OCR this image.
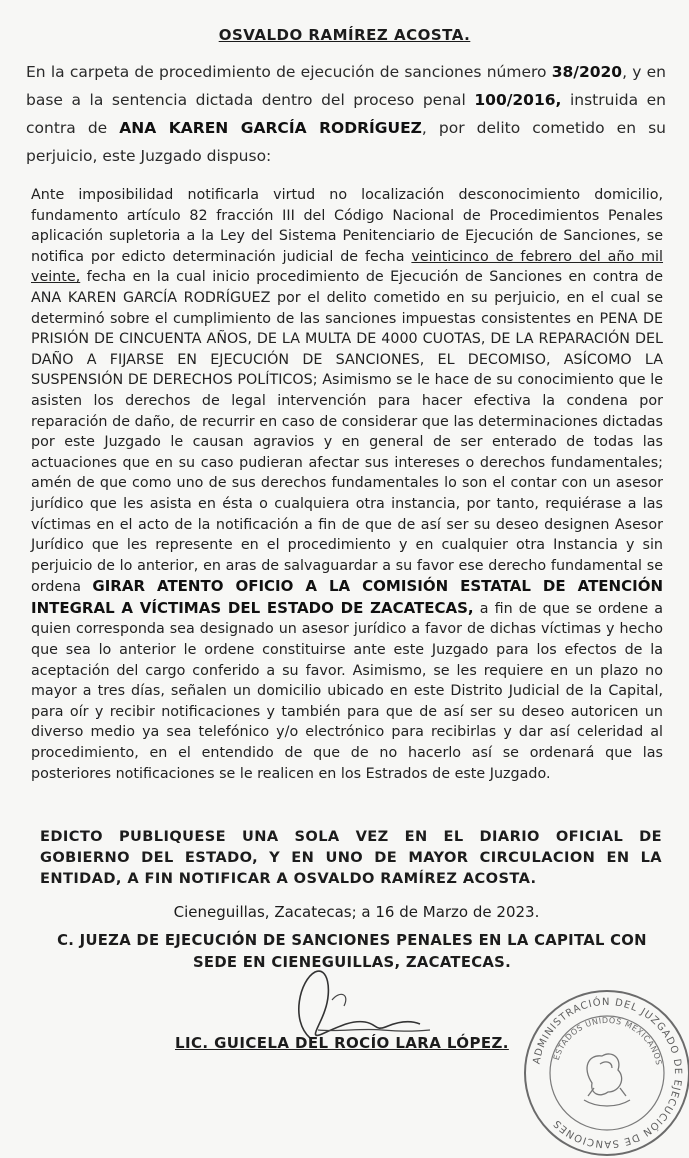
OSVALDO RAMÍREZ ACOSTA.
En la carpeta de procedimiento de ejecución de sanciones número 38/2020, y en base a la sentencia dictada dentro del proceso penal 100/2016, instruida en contra de ANA KAREN GARCÍA RODRÍGUEZ, por delito cometido en su perjuicio, este Juzgado dispuso:
Ante imposibilidad notificarla virtud no localización desconocimiento domicilio, fundamento artículo 82 fracción III del Código Nacional de Procedimientos Penales aplicación supletoria a la Ley del Sistema Penitenciario de Ejecución de Sanciones, se notifica por edicto determinación judicial de fecha veinticinco de febrero del año mil veinte, fecha en la cual inicio procedimiento de Ejecución de Sanciones en contra de ANA KAREN GARCÍA RODRÍGUEZ por el delito cometido en su perjuicio, en el cual se determinó sobre el cumplimiento de las sanciones impuestas consistentes en PENA DE PRISIÓN DE CINCUENTA AÑOS, DE LA MULTA DE 4000 CUOTAS, DE LA REPARACIÓN DEL DAÑO A FIJARSE EN EJECUCIÓN DE SANCIONES, EL DECOMISO, ASÍCOMO LA SUSPENSIÓN DE DERECHOS POLÍTICOS; Asimismo se le hace de su conocimiento que le asisten los derechos de legal intervención para hacer efectiva la condena por reparación de daño, de recurrir en caso de considerar que las determinaciones dictadas por este Juzgado le causan agravios y en general de ser enterado de todas las actuaciones que en su caso pudieran afectar sus intereses o derechos fundamentales; amén de que como uno de sus derechos fundamentales lo son el contar con un asesor jurídico que les asista en ésta o cualquiera otra instancia, por tanto, requiérase a las víctimas en el acto de la notificación a fin de que de así ser su deseo designen Asesor Jurídico que les represente en el procedimiento y en cualquier otra Instancia y sin perjuicio de lo anterior, en aras de salvaguardar a su favor ese derecho fundamental se ordena GIRAR ATENTO OFICIO A LA COMISIÓN ESTATAL DE ATENCIÓN INTEGRAL A VÍCTIMAS DEL ESTADO DE ZACATECAS, a fin de que se ordene a quien corresponda sea designado un asesor jurídico a favor de dichas víctimas y hecho que sea lo anterior le ordene constituirse ante este Juzgado para los efectos de la aceptación del cargo conferido a su favor. Asimismo, se les requiere en un plazo no mayor a tres días, señalen un domicilio ubicado en este Distrito Judicial de la Capital, para oír y recibir notificaciones y también para que de así ser su deseo autoricen un diverso medio ya sea telefónico y/o electrónico para recibirlas y dar así celeridad al procedimiento, en el entendido de que de no hacerlo así se ordenará que las posteriores notificaciones se le realicen en los Estrados de este Juzgado.
EDICTO PUBLIQUESE UNA SOLA VEZ EN EL DIARIO OFICIAL DE GOBIERNO DEL ESTADO, Y EN UNO DE MAYOR CIRCULACION EN LA ENTIDAD, A FIN NOTIFICAR A OSVALDO RAMÍREZ ACOSTA.
Cieneguillas, Zacatecas; a 16 de Marzo de 2023.
C. JUEZA DE EJECUCIÓN DE SANCIONES PENALES EN LA CAPITAL CON
SEDE EN CIENEGUILLAS, ZACATECAS.
LIC. GUICELA DEL ROCÍO LARA LÓPEZ.
ADMINISTRACIÓN DEL JUZGADO DE EJECUCIÓN DE SANCIONES
ESTADOS UNIDOS MEXICANOS
